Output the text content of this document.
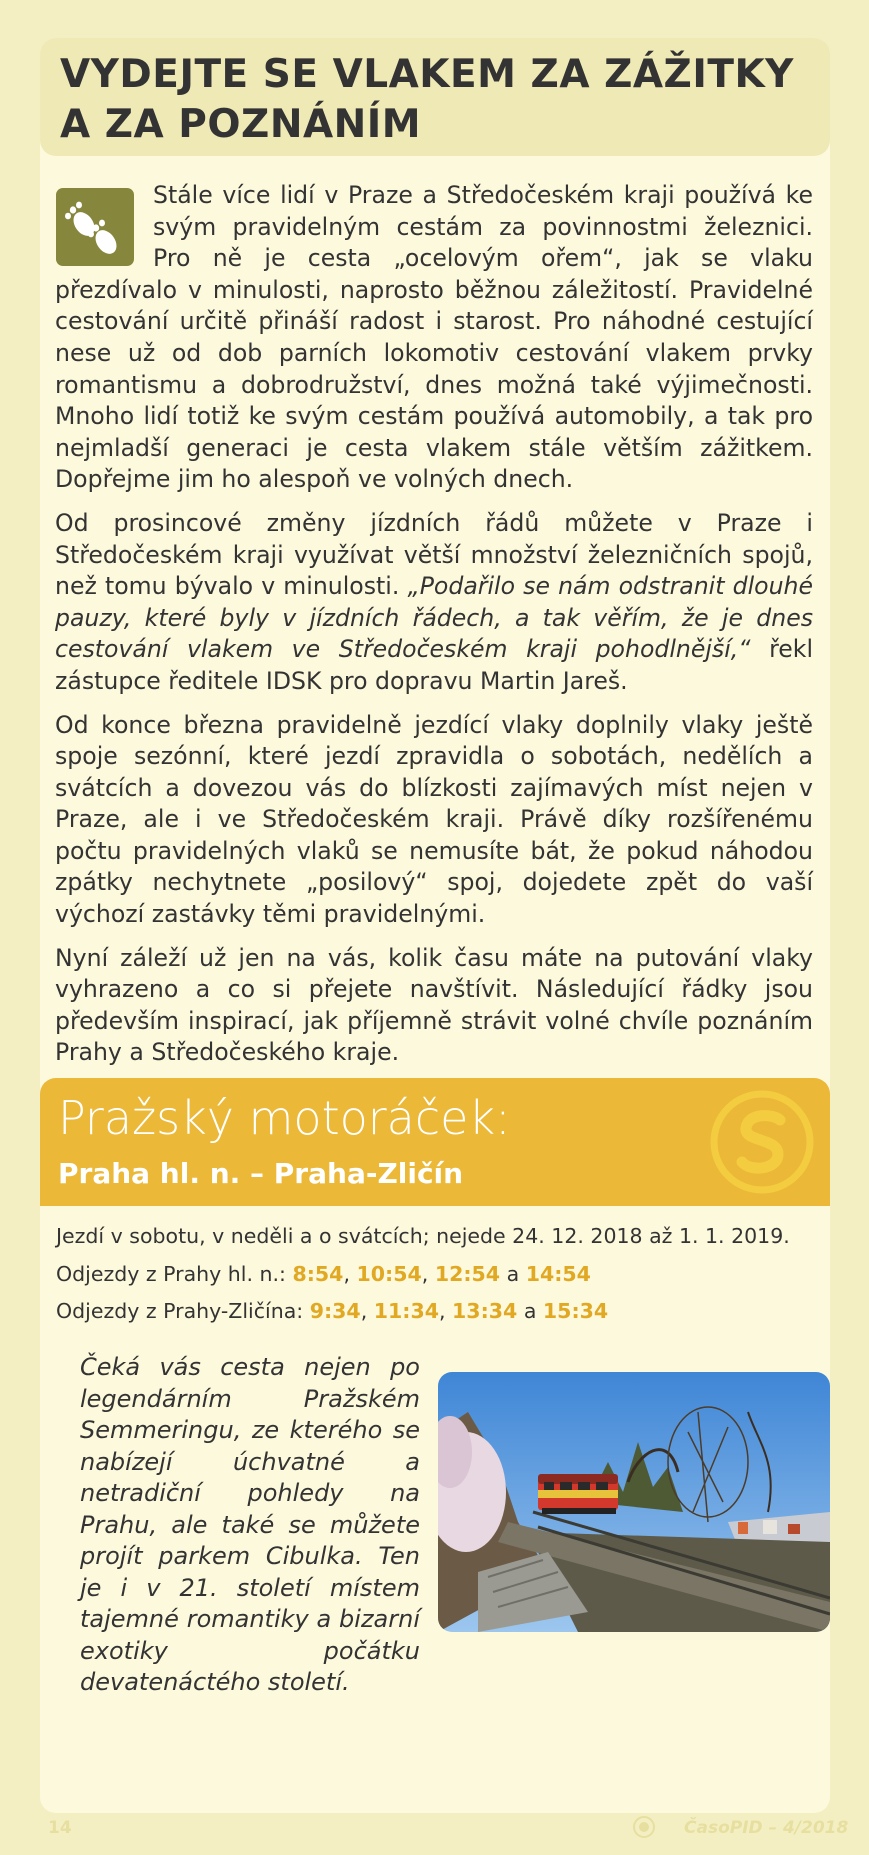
VYDEJTE SE VLAKEM ZA ZÁŽITKY
A ZA POZNÁNÍM

Stále více lidí v Praze a Středočeském kraji používá ke svým pravidelným cestám za povinnostmi železnici. Pro ně je cesta „ocelovým ořem“, jak se vlaku přezdívalo v minulosti, naprosto běžnou záležitostí. Pravidelné cestování určitě přináší radost i starost. Pro náhodné cestující nese už od dob parních lokomotiv cestování vlakem prvky romantismu a dobrodružství, dnes možná také výjimečnosti. Mnoho lidí totiž ke svým cestám používá automobily, a tak pro nejmladší generaci je cesta vlakem stále větším zážitkem. Dopřejme jim ho alespoň ve volných dnech.

Od prosincové změny jízdních řádů můžete v Praze i Středočeském kraji využívat větší množství železničních spojů, než tomu bývalo v minulosti. „Podařilo se nám odstranit dlouhé pauzy, které byly v jízdních řádech, a tak věřím, že je dnes cestování vlakem ve Středočeském kraji pohodlnější,“ řekl zástupce ředitele IDSK pro dopravu Martin Jareš.

Od konce března pravidelně jezdící vlaky doplnily vlaky ještě spoje sezónní, které jezdí zpravidla o sobotách, nedělích a svátcích a dovezou vás do blízkosti zajímavých míst nejen v Praze, ale i ve Středočeském kraji. Právě díky rozšířenému počtu pravidelných vlaků se nemusíte bát, že pokud náhodou zpátky nechytnete „posilový“ spoj, dojedete zpět do vaší výchozí zastávky těmi pravidelnými.

Nyní záleží už jen na vás, kolik času máte na putování vlaky vyhrazeno a co si přejete navštívit. Následující řádky jsou především inspirací, jak příjemně strávit volné chvíle poznáním Prahy a Středočeského kraje.

Pražský motoráček:
Praha hl. n. – Praha-Zličín
Jezdí v sobotu, v neděli a o svátcích; nejede 24. 12. 2018 až 1. 1. 2019.
Odjezdy z Prahy hl. n.: 8:54, 10:54, 12:54 a 14:54
Odjezdy z Prahy-Zličína: 9:34, 11:34, 13:34 a 15:34
Čeká vás cesta nejen po legendárním Pražském Semmeringu, ze kterého se nabízejí úchvatné a netradiční pohledy na Prahu, ale také se můžete projít parkem Cibulka. Ten je i v 21. století místem tajemné romantiky a bizarní exotiky počátku devatenáctého století.
14	ČasoPID – 4/2018
